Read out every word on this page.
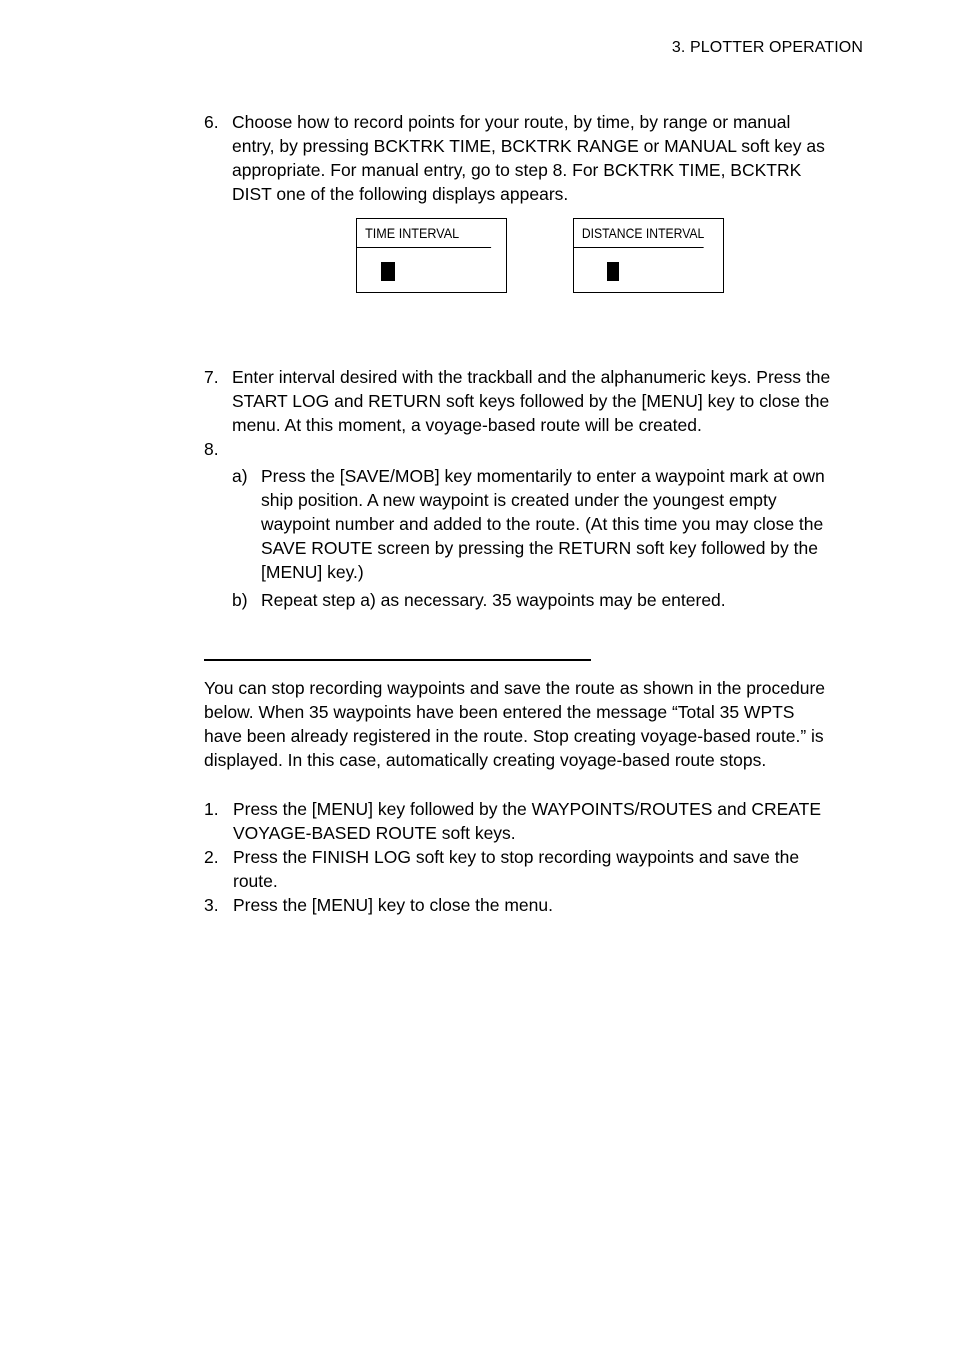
3. PLOTTER OPERATION
6. Choose how to record points for your route, by time, by range or manual
entry, by pressing BCKTRK TIME, BCKTRK RANGE or MANUAL soft key as
appropriate. For manual entry, go to step 8. For BCKTRK TIME, BCKTRK
DIST one of the following displays appears.
TIME INTERVAL	DISTANCE INTERVAL
7. Enter interval desired with the trackball and the alphanumeric keys. Press the
START LOG and RETURN soft keys followed by the [MENU] key to close the
menu. At this moment, a voyage-based route will be created.
8.
a) Press the [SAVE/MOB] key momentarily to enter a waypoint mark at own
ship position. A new waypoint is created under the youngest empty
waypoint number and added to the route. (At this time you may close the
SAVE ROUTE screen by pressing the RETURN soft key followed by the
[MENU] key.)
b) Repeat step a) as necessary. 35 waypoints may be entered.
You can stop recording waypoints and save the route as shown in the procedure
below. When 35 waypoints have been entered the message “Total 35 WPTS
have been already registered in the route. Stop creating voyage-based route.” is
displayed. In this case, automatically creating voyage-based route stops.
1. Press the [MENU] key followed by the WAYPOINTS/ROUTES and CREATE
VOYAGE-BASED ROUTE soft keys.
2. Press the FINISH LOG soft key to stop recording waypoints and save the
route.
3. Press the [MENU] key to close the menu.
